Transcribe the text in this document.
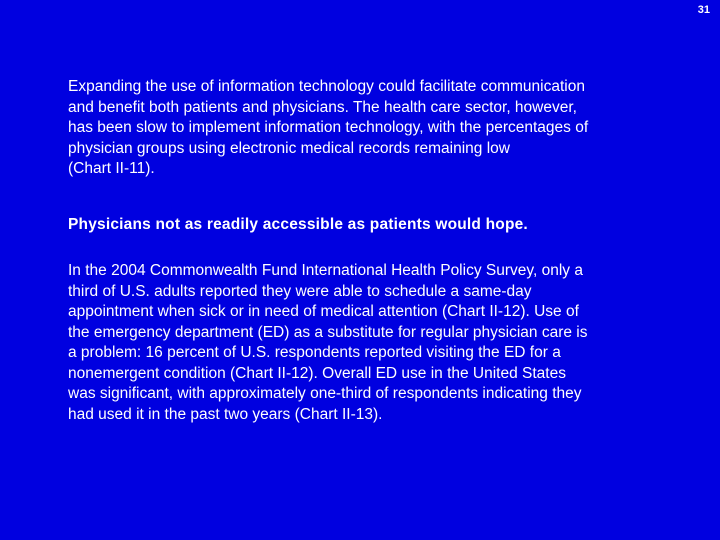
31
Expanding the use of information technology could facilitate communication
and benefit both patients and physicians. The health care sector, however,
has been slow to implement information technology, with the percentages of
physician groups using electronic medical records remaining low
(Chart II-11).
Physicians not as readily accessible as patients would hope.
In the 2004 Commonwealth Fund International Health Policy Survey, only a
third of U.S. adults reported they were able to schedule a same-day
appointment when sick or in need of medical attention (Chart II-12). Use of
the emergency department (ED) as a substitute for regular physician care is
a problem: 16 percent of U.S. respondents reported visiting the ED for a
nonemergent condition (Chart II-12). Overall ED use in the United States
was significant, with approximately one-third of respondents indicating they
had used it in the past two years (Chart II-13).
